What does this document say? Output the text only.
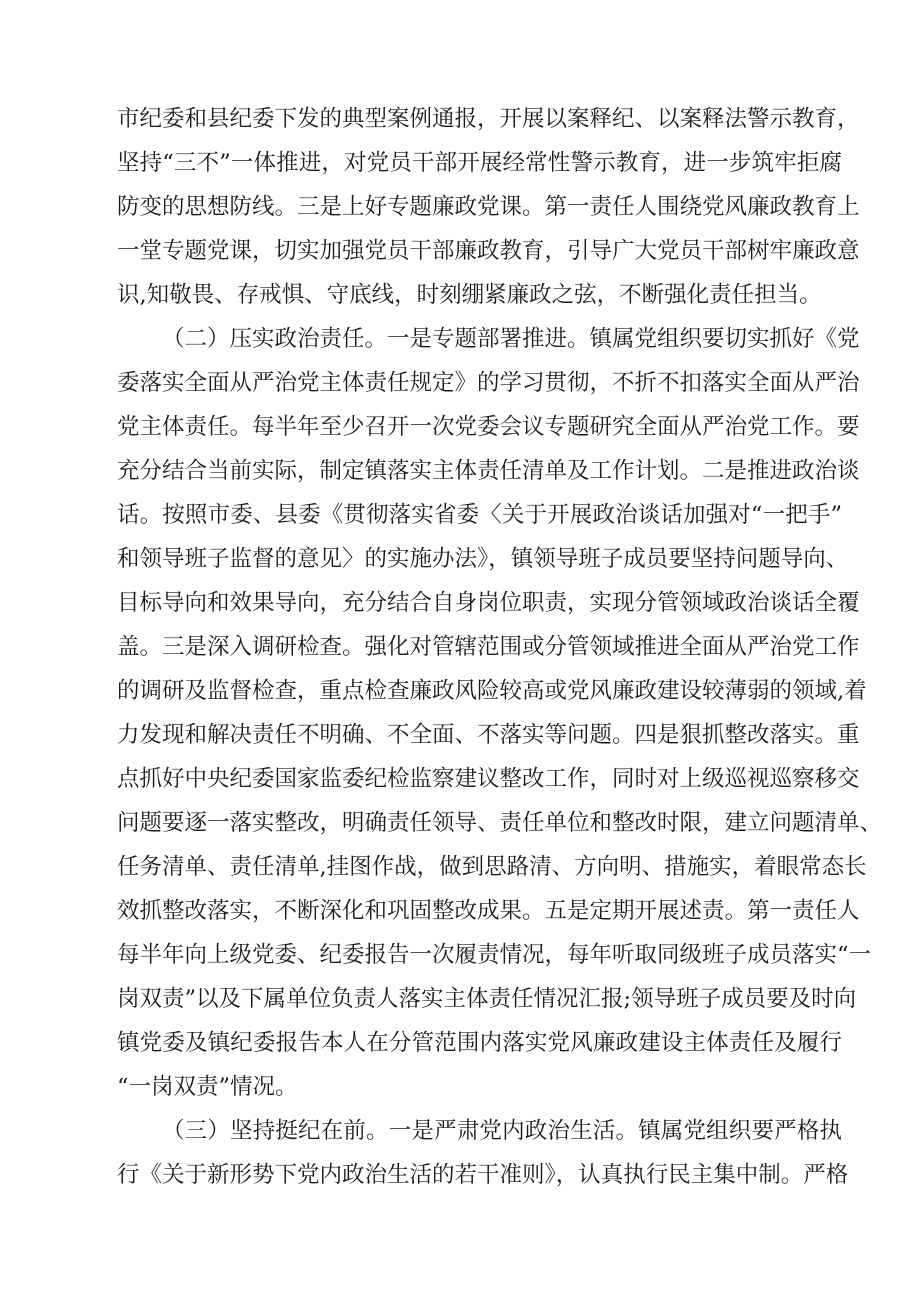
市纪委和县纪委下发的典型案例通报，开展以案释纪、以案释法警示教育，
坚持“三不”一体推进，对党员干部开展经常性警示教育，进一步筑牢拒腐
防变的思想防线。三是上好专题廉政党课。第一责任人围绕党风廉政教育上
一堂专题党课，切实加强党员干部廉政教育，引导广大党员干部树牢廉政意
识,知敬畏、存戒惧、守底线，时刻绷紧廉政之弦，不断强化责任担当。
（二）压实政治责任。一是专题部署推进。镇属党组织要切实抓好《党
委落实全面从严治党主体责任规定》的学习贯彻，不折不扣落实全面从严治
党主体责任。每半年至少召开一次党委会议专题研究全面从严治党工作。要
充分结合当前实际，制定镇落实主体责任清单及工作计划。二是推进政治谈
话。按照市委、县委《贯彻落实省委〈关于开展政治谈话加强对“一把手”
和领导班子监督的意见〉的实施办法》，镇领导班子成员要坚持问题导向、
目标导向和效果导向，充分结合自身岗位职责，实现分管领域政治谈话全覆
盖。三是深入调研检查。强化对管辖范围或分管领域推进全面从严治党工作
的调研及监督检查，重点检查廉政风险较高或党风廉政建设较薄弱的领域,着
力发现和解决责任不明确、不全面、不落实等问题。四是狠抓整改落实。重
点抓好中央纪委国家监委纪检监察建议整改工作，同时对上级巡视巡察移交
问题要逐一落实整改，明确责任领导、责任单位和整改时限，建立问题清单、
任务清单、责任清单,挂图作战，做到思路清、方向明、措施实，着眼常态长
效抓整改落实，不断深化和巩固整改成果。五是定期开展述责。第一责任人
每半年向上级党委、纪委报告一次履责情况，每年听取同级班子成员落实“一
岗双责”以及下属单位负责人落实主体责任情况汇报;领导班子成员要及时向
镇党委及镇纪委报告本人在分管范围内落实党风廉政建设主体责任及履行
“一岗双责”情况。
（三）坚持挺纪在前。一是严肃党内政治生活。镇属党组织要严格执
行《关于新形势下党内政治生活的若干准则》，认真执行民主集中制。严格
